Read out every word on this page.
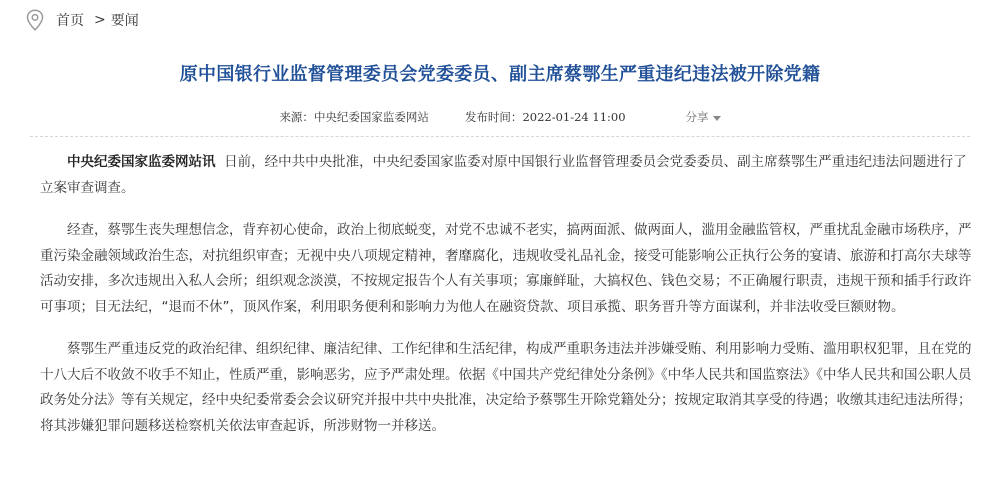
首页 > 要闻
原中国银行业监督管理委员会党委委员、副主席蔡鄂生严重违纪违法被开除党籍
来源：中央纪委国家监委网站	发布时间：2022-01-24 11:00	分享

中央纪委国家监委网站讯 日前，经中共中央批准，中央纪委国家监委对原中国银行业监督管理委员会党委委员、副主席蔡鄂生严重违纪违法问题进行了立案审查调查。

经查，蔡鄂生丧失理想信念，背弃初心使命，政治上彻底蜕变，对党不忠诚不老实，搞两面派、做两面人，滥用金融监管权，严重扰乱金融市场秩序，严重污染金融领域政治生态，对抗组织审查；无视中央八项规定精神，奢靡腐化，违规收受礼品礼金，接受可能影响公正执行公务的宴请、旅游和打高尔夫球等活动安排，多次违规出入私人会所；组织观念淡漠，不按规定报告个人有关事项；寡廉鲜耻，大搞权色、钱色交易；不正确履行职责，违规干预和插手行政许可事项；目无法纪，“退而不休”，顶风作案，利用职务便利和影响力为他人在融资贷款、项目承揽、职务晋升等方面谋利，并非法收受巨额财物。

蔡鄂生严重违反党的政治纪律、组织纪律、廉洁纪律、工作纪律和生活纪律，构成严重职务违法并涉嫌受贿、利用影响力受贿、滥用职权犯罪，且在党的十八大后不收敛不收手不知止，性质严重，影响恶劣，应予严肃处理。依据《中国共产党纪律处分条例》《中华人民共和国监察法》《中华人民共和国公职人员政务处分法》等有关规定，经中央纪委常委会会议研究并报中共中央批准，决定给予蔡鄂生开除党籍处分；按规定取消其享受的待遇；收缴其违纪违法所得；将其涉嫌犯罪问题移送检察机关依法审查起诉，所涉财物一并移送。
